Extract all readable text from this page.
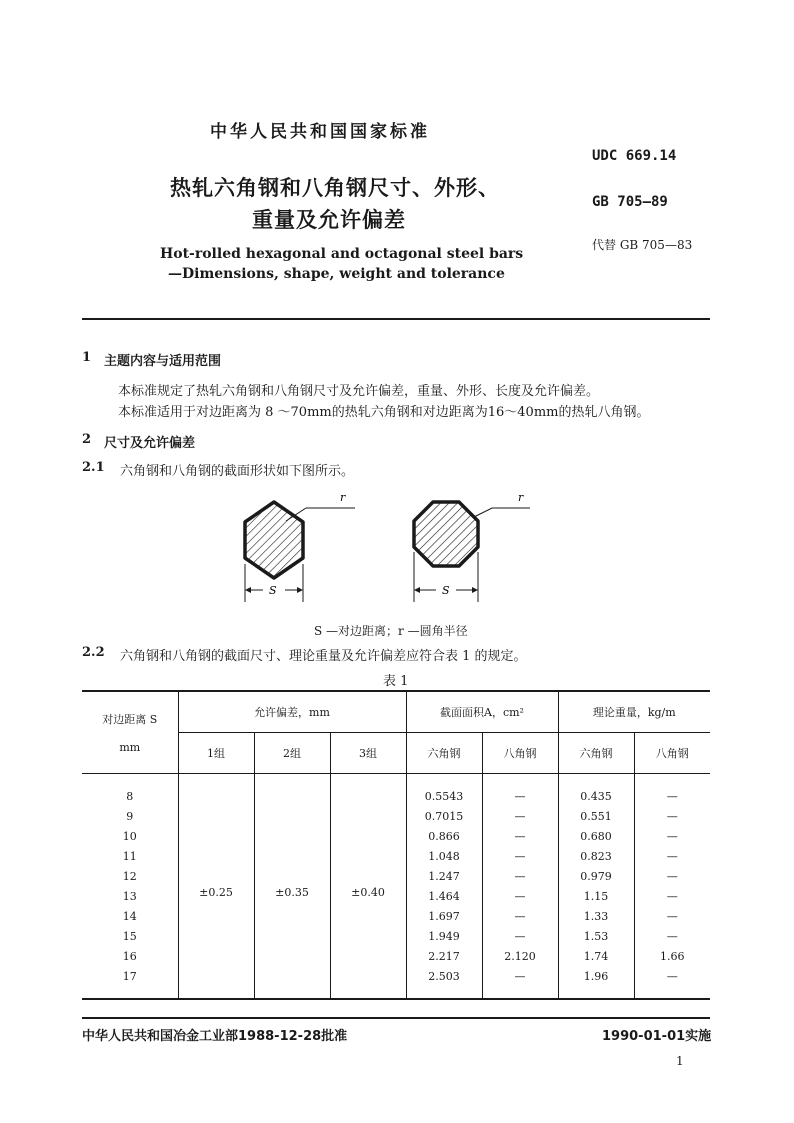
中华人民共和国国家标准
热轧六角钢和八角钢尺寸、外形、
重量及允许偏差
Hot-rolled hexagonal and octagonal steel bars
—Dimensions, shape, weight and tolerance
UDC 669.14
GB 705—89
代替 GB 705—83
1 主题内容与适用范围
本标准规定了热轧六角钢和八角钢尺寸及允许偏差，重量、外形、长度及允许偏差。
本标准适用于对边距离为 8 ～70mm的热轧六角钢和对边距离为16～40mm的热轧八角钢。
2 尺寸及允许偏差
2.1 六角钢和八角钢的截面形状如下图所示。
r
S
r
S
S —对边距离；r —圆角半径
2.2 六角钢和八角钢的截面尺寸、理论重量及允许偏差应符合表 1 的规定。
表 1
对边距离 S
mm	允许偏差，mm			截面面积A，cm²		理论重量，kg/m	
	1组	2组	3组	六角钢	八角钢	六角钢	八角钢
8	±0.25	±0.35	±0.40	0.5543	—	0.435	—
9				0.7015	—	0.551	—
10				0.866	—	0.680	—
11				1.048	—	0.823	—
12				1.247	—	0.979	—
13				1.464	—	1.15	—
14				1.697	—	1.33	—
15				1.949	—	1.53	—
16				2.217	2.120	1.74	1.66
17				2.503	—	1.96	—
中华人民共和国冶金工业部1988-12-28批准	1990-01-01实施
1
